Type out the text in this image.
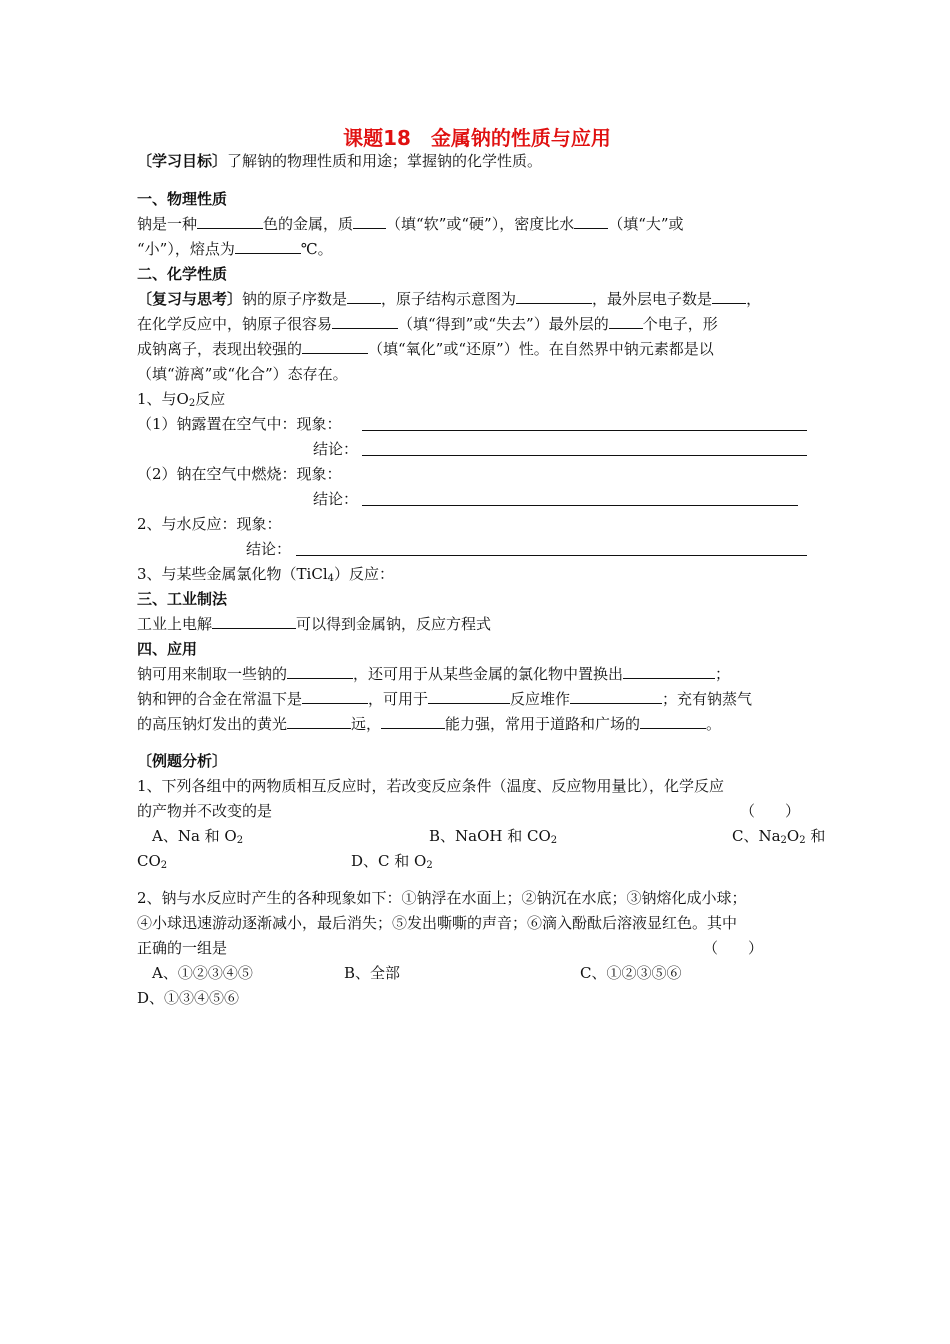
课题18　金属钠的性质与应用
〔学习目标〕了解钠的物理性质和用途；掌握钠的化学性质。
一、物理性质
钠是一种	色的金属，质 （填“软”或“硬”），密度比水 （填“大”或
“小”），熔点为	℃。
二、化学性质
〔复习与思考〕钠的原子序数是 ，原子结构示意图为	，最外层电子数是 ，
在化学反应中，钠原子很容易	（填“得到”或“失去”）最外层的 个电子，形
成钠离子，表现出较强的	（填“氧化”或“还原”）性。在自然界中钠元素都是以
（填“游离”或“化合”）态存在。
1、与$O_2$反应
（1）钠露置在空气中：现象：
结论：
（2）钠在空气中燃烧：现象：
结论：
2、与水反应：现象：
结论：
3、与某些金属氯化物（TiCl$_4$）反应：
三、工业制法
工业上电解	可以得到金属钠，反应方程式
四、应用
钠可用来制取一些钠的	，还可用于从某些金属的氯化物中置换出	；
钠和钾的合金在常温下是	，可用于	反应堆作	；充有钠蒸气
的高压钠灯发出的黄光	远，	能力强，常用于道路和广场的	。
〔例题分析〕
1、下列各组中的两物质相互反应时，若改变反应条件（温度、反应物用量比），化学反应
的产物并不改变的是	（　　）
A、Na 和 $O_2$	B、NaOH 和 $CO_2$	C、$Na_2O_2$ 和
$CO_2$	D、C 和 $O_2$
2、钠与水反应时产生的各种现象如下：①钠浮在水面上；②钠沉在水底；③钠熔化成小球；
④小球迅速游动逐渐减小，最后消失；⑤发出嘶嘶的声音；⑥滴入酚酞后溶液显红色。其中
正确的一组是	（　　）
A、①②③④⑤	B、全部	C、①②③⑤⑥
D、①③④⑤⑥
